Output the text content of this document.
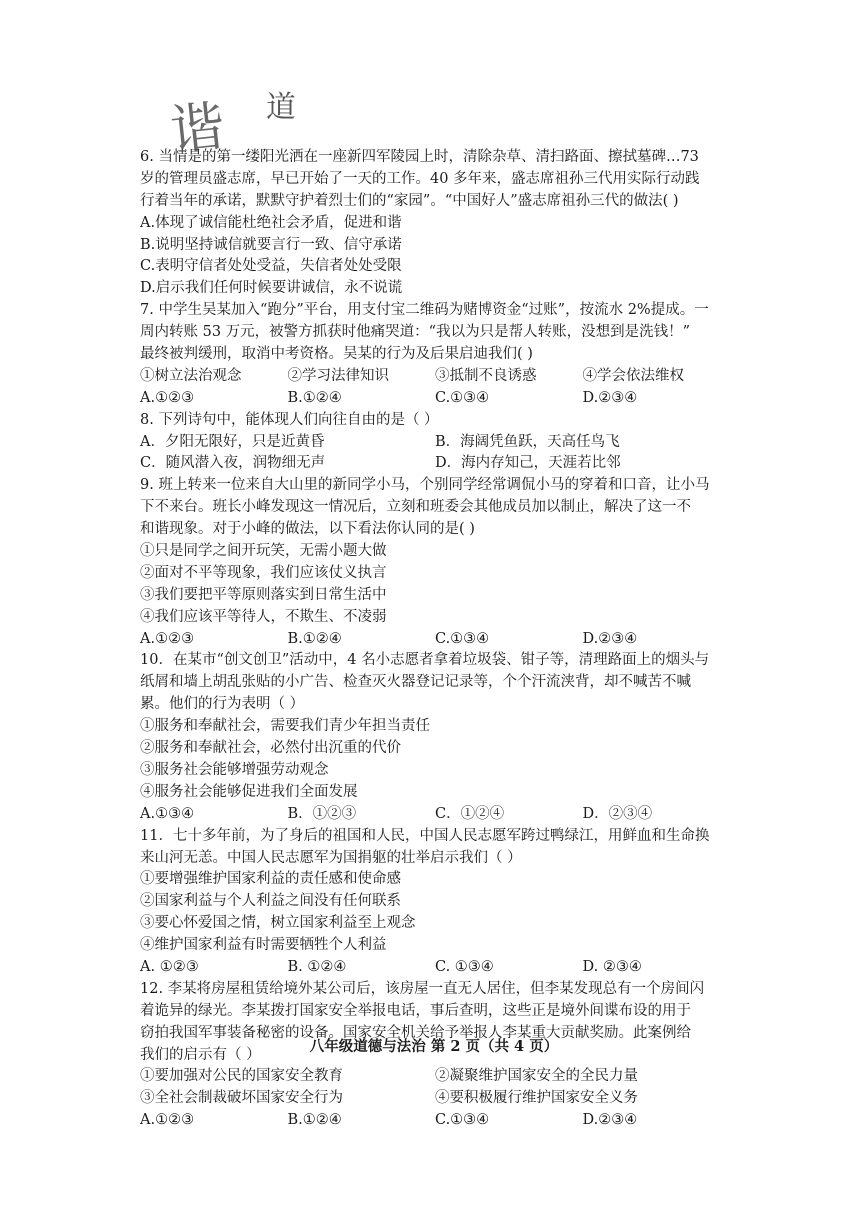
谐 道
6. 当情是的第一缕阳光洒在一座新四军陵园上时，清除杂草、清扫路面、擦拭墓碑…73
岁的管理员盛志席，早已开始了一天的工作。40 多年来，盛志席祖孙三代用实际行动践
行着当年的承诺，默默守护着烈士们的“家园”。“中国好人”盛志席祖孙三代的做法( )
A.体现了诚信能杜绝社会矛盾，促进和谐
B.说明坚持诚信就要言行一致、信守承诺
C.表明守信者处处受益，失信者处处受限
D.启示我们任何时候要讲诚信，永不说谎
7. 中学生吴某加入“跑分”平台，用支付宝二维码为赌博资金“过账”，按流水 2%提成。一
周内转账 53 万元，被警方抓获时他痛哭道：“我以为只是帮人转账，没想到是洗钱！”
最终被判缓刑，取消中考资格。吴某的行为及后果启迪我们( )
①树立法治观念	②学习法律知识	③抵制不良诱惑	④学会依法维权
A.①②③	B.①②④	C.①③④	D.②③④
8. 下列诗句中，能体现人们向往自由的是（ ）
A．夕阳无限好，只是近黄昏	B．海阔凭鱼跃，天高任鸟飞
C．随风潜入夜，润物细无声	D．海内存知己，天涯若比邻
9. 班上转来一位来自大山里的新同学小马，个别同学经常调侃小马的穿着和口音，让小马
下不来台。班长小峰发现这一情况后，立刻和班委会其他成员加以制止，解决了这一不
和谐现象。对于小峰的做法，以下看法你认同的是( )
①只是同学之间开玩笑，无需小题大做
②面对不平等现象，我们应该仗义执言
③我们要把平等原则落实到日常生活中
④我们应该平等待人，不欺生、不凌弱
A.①②③	B.①②④	C.①③④	D.②③④
10．在某市“创文创卫”活动中，4 名小志愿者拿着垃圾袋、钳子等，清理路面上的烟头与
纸屑和墙上胡乱张贴的小广告、检查灭火器登记记录等，个个汗流浃背，却不喊苦不喊
累。他们的行为表明（ ）
①服务和奉献社会，需要我们青少年担当责任
②服务和奉献社会，必然付出沉重的代价
③服务社会能够增强劳动观念
④服务社会能够促进我们全面发展
A.①③④	B．①②③	C．①②④	D．②③④
11．七十多年前，为了身后的祖国和人民，中国人民志愿军跨过鸭绿江，用鲜血和生命换
来山河无恙。中国人民志愿军为国捐躯的壮举启示我们（ ）
①要增强维护国家利益的责任感和使命感
②国家利益与个人利益之间没有任何联系
③要心怀爱国之情，树立国家利益至上观念
④维护国家利益有时需要牺牲个人利益
A. ①②③	B. ①②④	C. ①③④	D. ②③④
12. 李某将房屋租赁给境外某公司后，该房屋一直无人居住，但李某发现总有一个房间闪
着诡异的绿光。李某拨打国家安全举报电话，事后查明，这些正是境外间谍布设的用于
窃拍我国军事装备秘密的设备。国家安全机关给予举报人李某重大贡献奖励。此案例给
我们的启示有（ ）
①要加强对公民的国家安全教育	②凝聚维护国家安全的全民力量
③全社会制裁破坏国家安全行为	④要积极履行维护国家安全义务
A.①②③	B.①②④	C.①③④	D.②③④
八年级道德与法治 第 2 页（共 4 页）
